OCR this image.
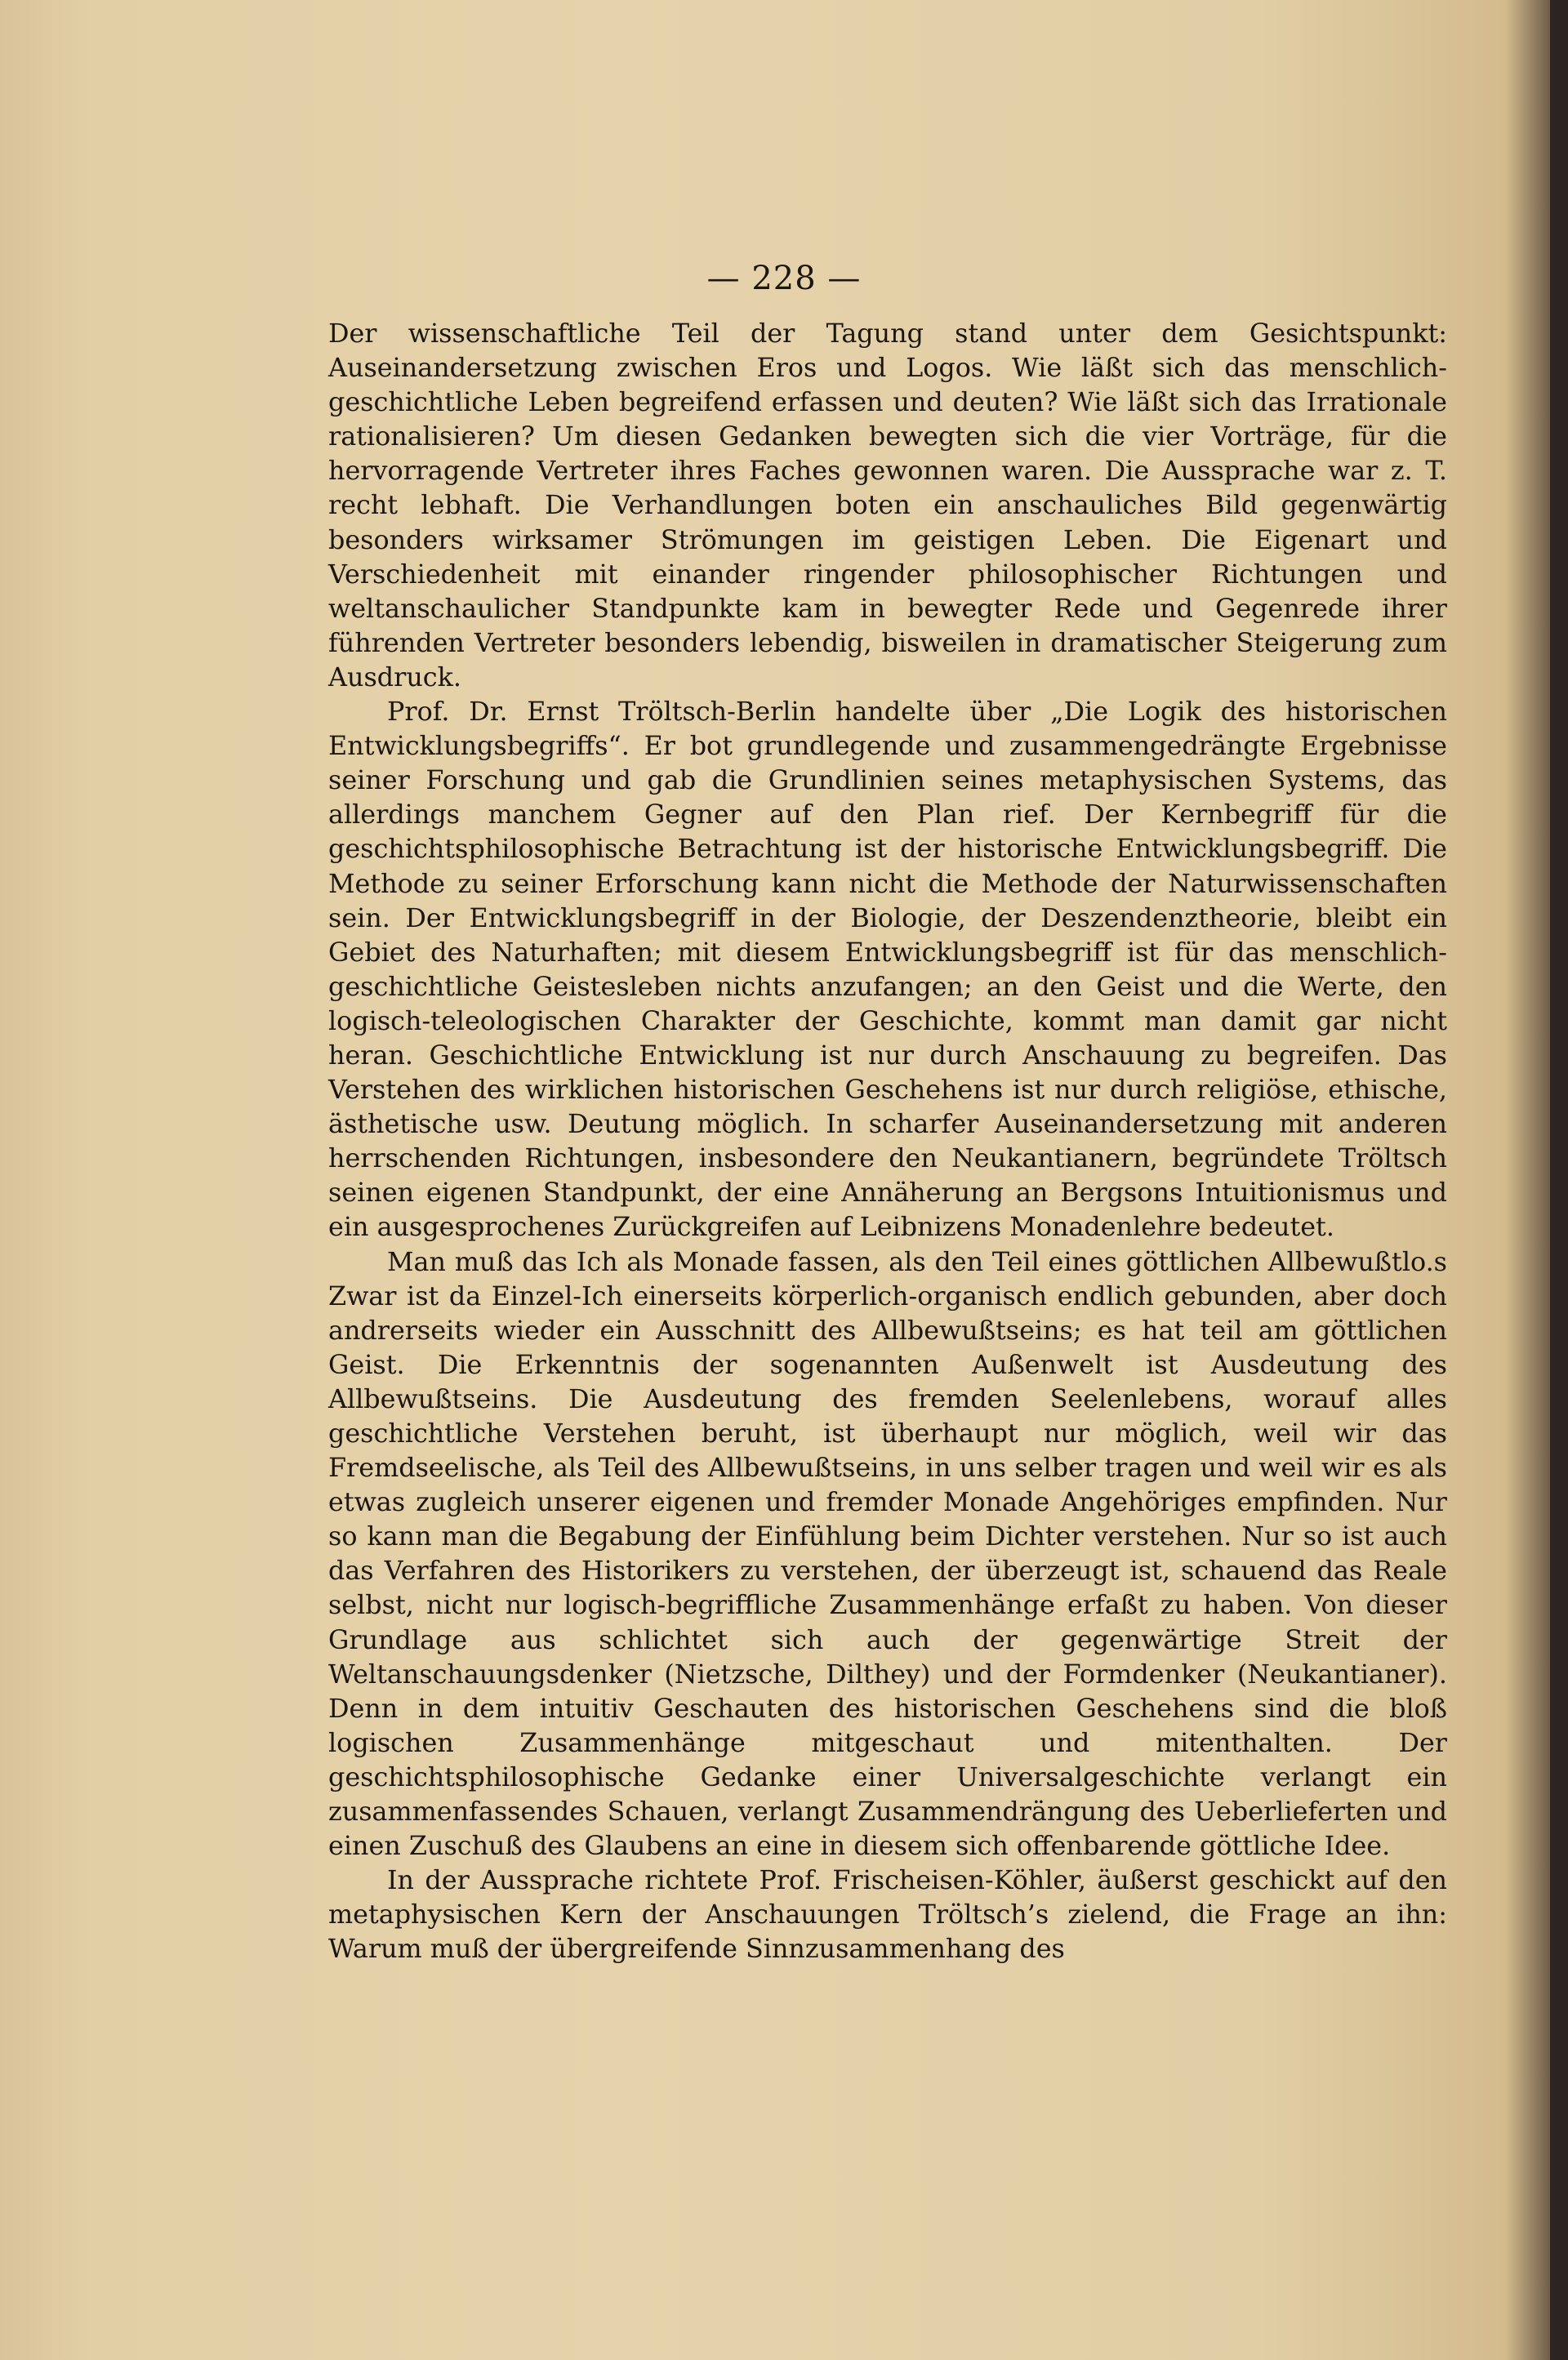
— 228 —

Der wissenschaftliche Teil der Tagung stand unter dem Gesichtspunkt: Auseinandersetzung zwischen Eros und Logos. Wie läßt sich das menschlich-geschichtliche Leben begreifend erfassen und deuten? Wie läßt sich das Irrationale rationalisieren? Um diesen Gedanken bewegten sich die vier Vorträge, für die hervorragende Vertreter ihres Faches gewonnen waren. Die Aussprache war z. T. recht lebhaft. Die Verhandlungen boten ein anschauliches Bild gegenwärtig besonders wirksamer Strömungen im geistigen Leben. Die Eigenart und Verschiedenheit mit einander ringender philosophischer Richtungen und weltanschaulicher Standpunkte kam in bewegter Rede und Gegenrede ihrer führenden Vertreter besonders lebendig, bisweilen in dramatischer Steigerung zum Ausdruck.

Prof. Dr. Ernst Tröltsch-Berlin handelte über „Die Logik des historischen Entwicklungsbegriffs“. Er bot grundlegende und zusammengedrängte Ergebnisse seiner Forschung und gab die Grundlinien seines metaphysischen Systems, das allerdings manchem Gegner auf den Plan rief. Der Kernbegriff für die geschichtsphilosophische Betrachtung ist der historische Entwicklungsbegriff. Die Methode zu seiner Erforschung kann nicht die Methode der Naturwissenschaften sein. Der Entwicklungsbegriff in der Biologie, der Deszendenztheorie, bleibt ein Gebiet des Naturhaften; mit diesem Entwicklungsbegriff ist für das menschlich-geschichtliche Geistesleben nichts anzufangen; an den Geist und die Werte, den logisch-teleologischen Charakter der Geschichte, kommt man damit gar nicht heran. Geschichtliche Entwicklung ist nur durch Anschauung zu begreifen. Das Verstehen des wirklichen historischen Geschehens ist nur durch religiöse, ethische, ästhetische usw. Deutung möglich. In scharfer Auseinandersetzung mit anderen herrschenden Richtungen, insbesondere den Neukantianern, begründete Tröltsch seinen eigenen Standpunkt, der eine Annäherung an Bergsons Intuitionismus und ein ausgesprochenes Zurückgreifen auf Leibnizens Monadenlehre bedeutet.

Man muß das Ich als Monade fassen, als den Teil eines göttlichen Allbewußtlo.s Zwar ist da Einzel-Ich einerseits körperlich-organisch endlich gebunden, aber doch andrerseits wieder ein Ausschnitt des Allbewußtseins; es hat teil am göttlichen Geist. Die Erkenntnis der sogenannten Außenwelt ist Ausdeutung des Allbewußtseins. Die Ausdeutung des fremden Seelenlebens, worauf alles geschichtliche Verstehen beruht, ist überhaupt nur möglich, weil wir das Fremdseelische, als Teil des Allbewußtseins, in uns selber tragen und weil wir es als etwas zugleich unserer eigenen und fremder Monade Angehöriges empfinden. Nur so kann man die Begabung der Einfühlung beim Dichter verstehen. Nur so ist auch das Verfahren des Historikers zu verstehen, der überzeugt ist, schauend das Reale selbst, nicht nur logisch-begriffliche Zusammenhänge erfaßt zu haben. Von dieser Grundlage aus schlichtet sich auch der gegenwärtige Streit der Weltanschauungsdenker (Nietzsche, Dilthey) und der Formdenker (Neukantianer). Denn in dem intuitiv Geschauten des historischen Geschehens sind die bloß logischen Zusammenhänge mitgeschaut und mitenthalten. Der geschichtsphilosophische Gedanke einer Universalgeschichte verlangt ein zusammenfassendes Schauen, verlangt Zusammendrängung des Ueberlieferten und einen Zuschuß des Glaubens an eine in diesem sich offenbarende göttliche Idee.

In der Aussprache richtete Prof. Frischeisen-Köhler, äußerst geschickt auf den metaphysischen Kern der Anschauungen Tröltsch’s zielend, die Frage an ihn: Warum muß der übergreifende Sinnzusammenhang des
